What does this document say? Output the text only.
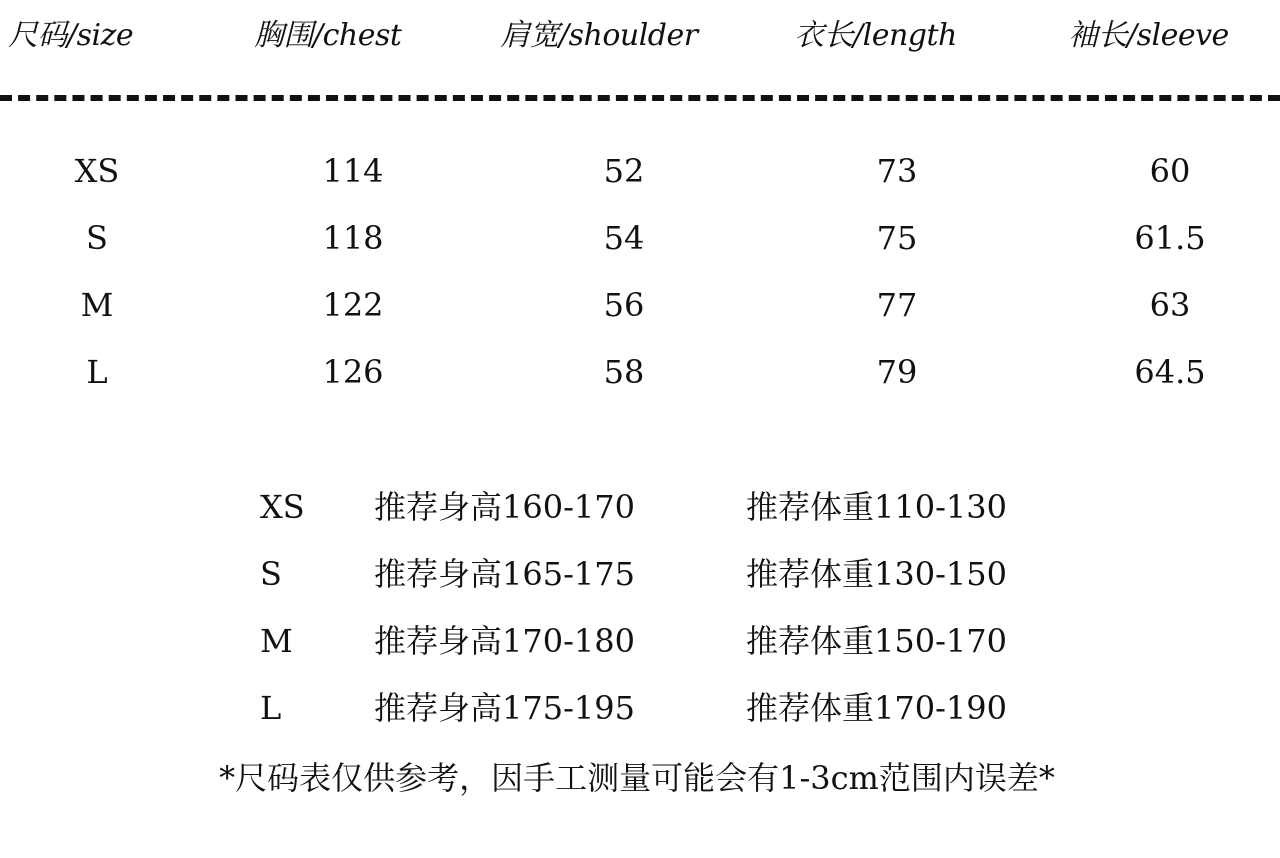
尺码/size	胸围/chest	肩宽/shoulder	衣长/length	袖长/sleeve
XS	114	52	73	60
S	118	54	75	61.5
M	122	56	77	63
L	126	58	79	64.5
XS 推荐身高160-170	推荐体重110-130
S	推荐身高165-175	推荐体重130-150
M	推荐身高170-180	推荐体重150-170
L	推荐身高175-195	推荐体重170-190
*尺码表仅供参考，因手工测量可能会有1-3cm范围内误差*
